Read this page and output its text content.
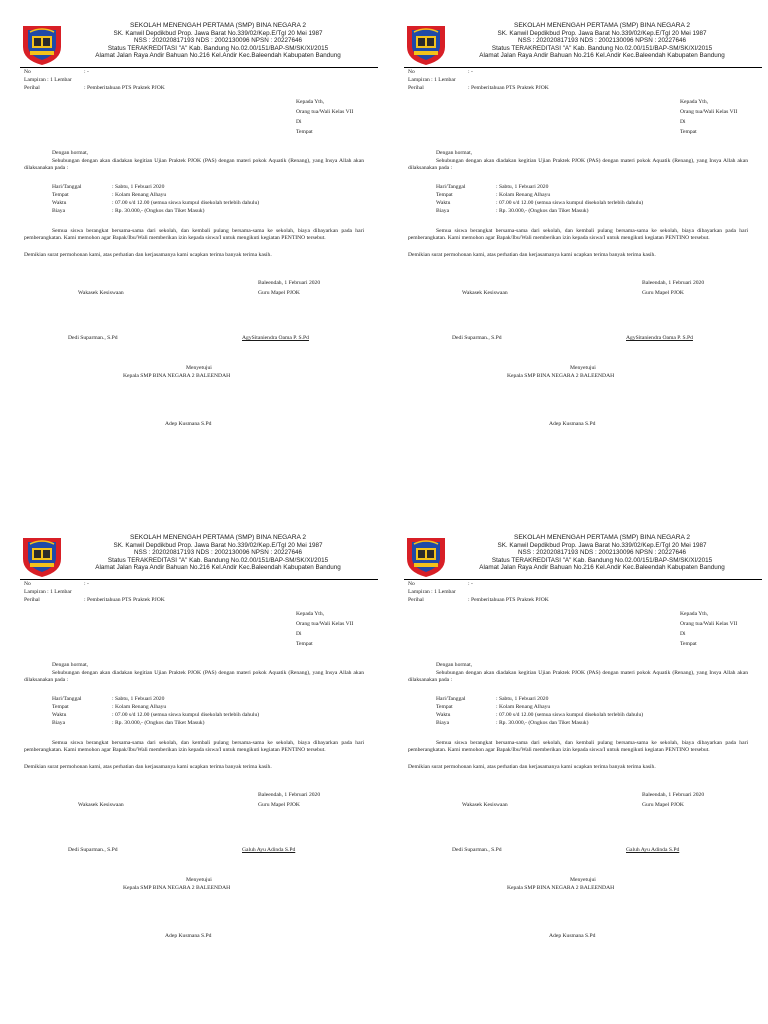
SEKOLAH MENENGAH PERTAMA (SMP) BINA NEGARA 2
SK. Kanwil Depdikbud Prop. Jawa Barat No.339/02/Kep.E/Tgl 20 Mei 1987
NSS : 202020817193 NDS : 2002130096 NPSN : 20227646
Status TERAKREDITASI "A" Kab. Bandung No.02.00/151/BAP-SM/SK/XI/2015
Alamat Jalan Raya Andir Bahuan No.216 Kel.Andir Kec.Baleendah Kabupaten Bandung
No	: -
Lampiran : 1 Lembar
Perihal	: Pemberitahuan PTS Praktek PJOK
Kepada Yth,
Orang tua/Wali Kelas VII
Di
Tempat
Dengan hormat,
Sehubungan dengan akan diadakan kegitian Ujian Praktek PJOK (PAS) dengan materi pokok Aquatik (Renang), yang Insya Allah akan dilaksanakan pada :
Hari/Tanggal	: Sabtu, 1 Febuari 2020
Tempat	: Kolam Renang Alhayu
Waktu	: 07.00 s/d 12.00 (semua siswa kumpul disekolah terlebih dahulu)
Biaya	: Rp. 30.000,- (Ongkos dan Tiket Masuk)
Semua siswa berangkat bersama-sama dari sekolah, dan kembali pulang bersama-sama ke sekolah, biaya dibayarkan pada hari pemberangkatan. Kami memohon agar Bapak/Ibu/Wali memberikan izin kepada siswa/I untuk mengikuti kegiatan PENTINO tersebut.
Demikian surat permohonan kami, atas perhatian dan kerjasamanya kami ucapkan terima banyak terima kasih.
Baleendah, 1 Februari 2020
Wakasek Kesiswaan	Guru Mapel PJOK
Dedi Suparman., S.Pd	AgySitaniendra Oama P. S.Pd
Menyetujui
Kepala SMP BINA NEGARA 2 BALEENDAH
Adep Kusmana S.Pd
SEKOLAH MENENGAH PERTAMA (SMP) BINA NEGARA 2
SK. Kanwil Depdikbud Prop. Jawa Barat No.339/02/Kep.E/Tgl 20 Mei 1987
NSS : 202020817193 NDS : 2002130096 NPSN : 20227646
Status TERAKREDITASI "A" Kab. Bandung No.02.00/151/BAP-SM/SK/XI/2015
Alamat Jalan Raya Andir Bahuan No.216 Kel.Andir Kec.Baleendah Kabupaten Bandung
No	: -
Lampiran : 1 Lembar
Perihal	: Pemberitahuan PTS Praktek PJOK
Kepada Yth,
Orang tua/Wali Kelas VII
Di
Tempat
Dengan hormat,
Sehubungan dengan akan diadakan kegitian Ujian Praktek PJOK (PAS) dengan materi pokok Aquatik (Renang), yang Insya Allah akan dilaksanakan pada :
Hari/Tanggal	: Sabtu, 1 Febuari 2020
Tempat	: Kolam Renang Alhayu
Waktu	: 07.00 s/d 12.00 (semua siswa kumpul disekolah terlebih dahulu)
Biaya	: Rp. 30.000,- (Ongkos dan Tiket Masuk)
Semua siswa berangkat bersama-sama dari sekolah, dan kembali pulang bersama-sama ke sekolah, biaya dibayarkan pada hari pemberangkatan. Kami memohon agar Bapak/Ibu/Wali memberikan izin kepada siswa/I untuk mengikuti kegiatan PENTINO tersebut.
Demikian surat permohonan kami, atas perhatian dan kerjasamanya kami ucapkan terima banyak terima kasih.
Baleendah, 1 Februari 2020
Wakasek Kesiswaan	Guru Mapel PJOK
Dedi Suparman., S.Pd	AgySitaniendra Oama P. S.Pd
Menyetujui
Kepala SMP BINA NEGARA 2 BALEENDAH
Adep Kusmana S.Pd
SEKOLAH MENENGAH PERTAMA (SMP) BINA NEGARA 2
SK. Kanwil Depdikbud Prop. Jawa Barat No.339/02/Kep.E/Tgl 20 Mei 1987
NSS : 202020817193 NDS : 2002130096 NPSN : 20227646
Status TERAKREDITASI "A" Kab. Bandung No.02.00/151/BAP-SM/SK/XI/2015
Alamat Jalan Raya Andir Bahuan No.216 Kel.Andir Kec.Baleendah Kabupaten Bandung
No	: -
Lampiran : 1 Lembar
Perihal	: Pemberitahuan PTS Praktek PJOK
Kepada Yth,
Orang tua/Wali Kelas VII
Di
Tempat
Dengan hormat,
Sehubungan dengan akan diadakan kegitian Ujian Praktek PJOK (PAS) dengan materi pokok Aquatik (Renang), yang Insya Allah akan dilaksanakan pada :
Hari/Tanggal	: Sabtu, 1 Febuari 2020
Tempat	: Kolam Renang Alhayu
Waktu	: 07.00 s/d 12.00 (semua siswa kumpul disekolah terlebih dahulu)
Biaya	: Rp. 30.000,- (Ongkos dan Tiket Masuk)
Semua siswa berangkat bersama-sama dari sekolah, dan kembali pulang bersama-sama ke sekolah, biaya dibayarkan pada hari pemberangkatan. Kami memohon agar Bapak/Ibu/Wali memberikan izin kepada siswa/I untuk mengikuti kegiatan PENTINO tersebut.
Demikian surat permohonan kami, atas perhatian dan kerjasamanya kami ucapkan terima banyak terima kasih.
Baleendah, 1 Februari 2020
Wakasek Kesiswaan	Guru Mapel PJOK
Dedi Suparman., S.Pd	Galuh Ayu Adinda S.Pd
Menyetujui
Kepala SMP BINA NEGARA 2 BALEENDAH
Adep Kusmana S.Pd
SEKOLAH MENENGAH PERTAMA (SMP) BINA NEGARA 2
SK. Kanwil Depdikbud Prop. Jawa Barat No.339/02/Kep.E/Tgl 20 Mei 1987
NSS : 202020817193 NDS : 2002130096 NPSN : 20227646
Status TERAKREDITASI "A" Kab. Bandung No.02.00/151/BAP-SM/SK/XI/2015
Alamat Jalan Raya Andir Bahuan No.216 Kel.Andir Kec.Baleendah Kabupaten Bandung
No	: -
Lampiran : 1 Lembar
Perihal	: Pemberitahuan PTS Praktek PJOK
Kepada Yth,
Orang tua/Wali Kelas VII
Di
Tempat
Dengan hormat,
Sehubungan dengan akan diadakan kegitian Ujian Praktek PJOK (PAS) dengan materi pokok Aquatik (Renang), yang Insya Allah akan dilaksanakan pada :
Hari/Tanggal	: Sabtu, 1 Febuari 2020
Tempat	: Kolam Renang Alhayu
Waktu	: 07.00 s/d 12.00 (semua siswa kumpul disekolah terlebih dahulu)
Biaya	: Rp. 30.000,- (Ongkos dan Tiket Masuk)
Semua siswa berangkat bersama-sama dari sekolah, dan kembali pulang bersama-sama ke sekolah, biaya dibayarkan pada hari pemberangkatan. Kami memohon agar Bapak/Ibu/Wali memberikan izin kepada siswa/I untuk mengikuti kegiatan PENTINO tersebut.
Demikian surat permohonan kami, atas perhatian dan kerjasamanya kami ucapkan terima banyak terima kasih.
Baleendah, 1 Februari 2020
Wakasek Kesiswaan	Guru Mapel PJOK
Dedi Suparman., S.Pd	Galuh Ayu Adinda S.Pd
Menyetujui
Kepala SMP BINA NEGARA 2 BALEENDAH
Adep Kusmana S.Pd
